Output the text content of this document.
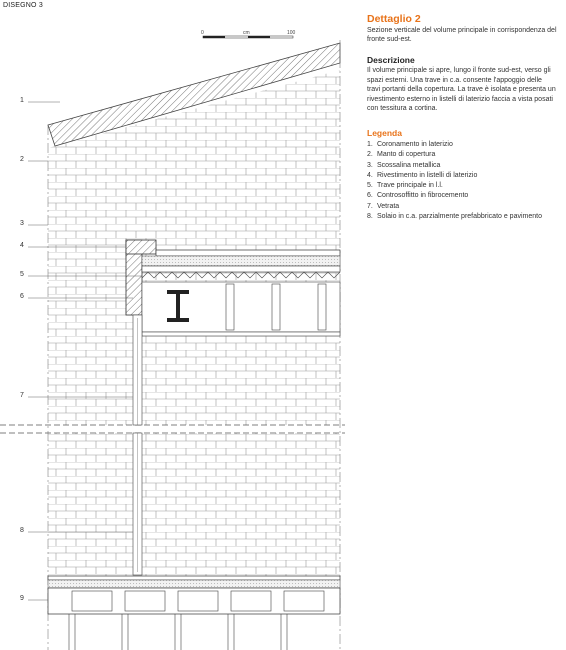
DISEGNO 3
0	cm	100
1
2
3
4
5
6
7
8
9
Dettaglio 2

Sezione verticale del volume principale in corrispondenza del fronte sud-est.

Descrizione

Il volume principale si apre, lungo il fronte sud-est, verso gli spazi esterni. Una trave in c.a. consente l'appoggio delle travi portanti della copertura. La trave è isolata e presenta un rivestimento esterno in listelli di laterizio faccia a vista posati con tessitura a cortina.

Legenda
1. Coronamento in laterizio
2. Manto di copertura
3. Scossalina metallica
4. Rivestimento in listelli di laterizio
5. Trave principale in l.l.
6. Controsoffitto in fibrocemento
7. Vetrata
8. Solaio in c.a. parzialmente prefabbricato e pavimento
